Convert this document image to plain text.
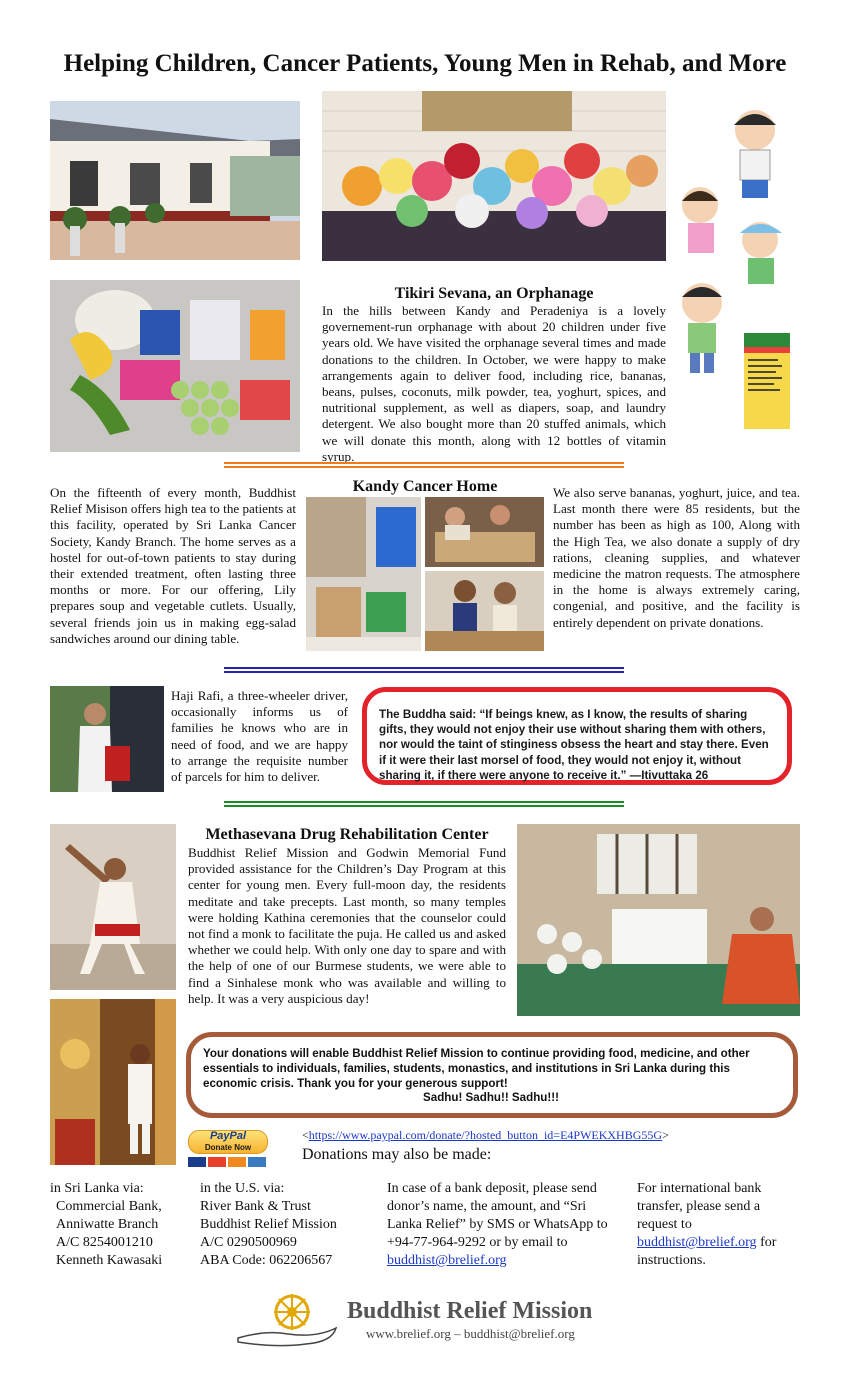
Helping Children, Cancer Patients, Young Men in Rehab, and More
Tikiri Sevana, an Orphanage
In the hills between Kandy and Peradeniya is a lovely governement-run orphanage with about 20 children under five years old. We have visited the orphanage several times and made donations to the children. In October, we were happy to make arrangements again to deliver food, including rice, bananas, beans, pulses, coconuts, milk powder, tea, yoghurt, spices, and nutritional supplement, as well as diapers, soap, and laundry detergent. We also bought more than 20 stuffed animals, which we will donate this month, along with 12 bottles of vitamin syrup.
Kandy Cancer Home
On the fifteenth of every month, Buddhist Relief Misison offers high tea to the patients at this facility, operated by Sri Lanka Cancer Society, Kandy Branch. The home serves as a hostel for out-of-town patients to stay during their extended treatment, often lasting three months or more. For our offering, Lily prepares soup and vegetable cutlets. Usually, several friends join us in making egg-salad sandwiches around our dining table.
We also serve bananas, yoghurt, juice, and tea. Last month there were 85 residents, but the number has been as high as 100, Along with the High Tea, we also donate a supply of dry rations, cleaning supplies, and whatever medicine the matron requests. The atmosphere in the home is always extremely caring, congenial, and positive, and the facility is entirely dependent on private donations.
Haji Rafi, a three-wheeler driver, occasionally informs us of families he knows who are in need of food, and we are happy to arrange the requisite number of parcels for him to deliver.
The Buddha said: “If beings knew, as I know, the results of sharing gifts, they would not enjoy their use without sharing them with others, nor would the taint of stinginess obsess the heart and stay there. Even if it were their last morsel of food, they would not enjoy it, without sharing it, if there were anyone to receive it.” —Itivuttaka 26
Methasevana Drug Rehabilitation Center
Buddhist Relief Mission and Godwin Memorial Fund provided assistance for the Children’s Day Program at this center for young men. Every full-moon day, the residents meditate and take precepts. Last month, so many temples were holding Kathina ceremonies that the counselor could not find a monk to facilitate the puja. He called us and asked whether we could help. With only one day to spare and with the help of one of our Burmese students, we were able to find a Sinhalese monk who was available and willing to help. It was a very auspicious day!
Your donations will enable Buddhist Relief Mission to continue providing food, medicine, and other essentials to individuals, families, students, monastics, and institutions in Sri Lanka during this economic crisis. Thank you for your generous support!
Sadhu! Sadhu!! Sadhu!!!
PayPal
Donate Now
<https://www.paypal.com/donate/?hosted_button_id=E4PWEKXHBG55G>
Donations may also be made:
in Sri Lanka via:
Commercial Bank,
Anniwatte Branch
A/C 8254001210
Kenneth Kawasaki
in the U.S. via:
River Bank & Trust
Buddhist Relief Mission
A/C 0290500969
ABA Code: 062206567
In case of a bank deposit, please send donor’s name, the amount, and “Sri Lanka Relief” by SMS or WhatsApp to +94-77-964-9292 or by email to buddhist@brelief.org
For international bank transfer, please send a request to buddhist@brelief.org for instructions.
Buddhist Relief Mission
www.brelief.org – buddhist@brelief.org
